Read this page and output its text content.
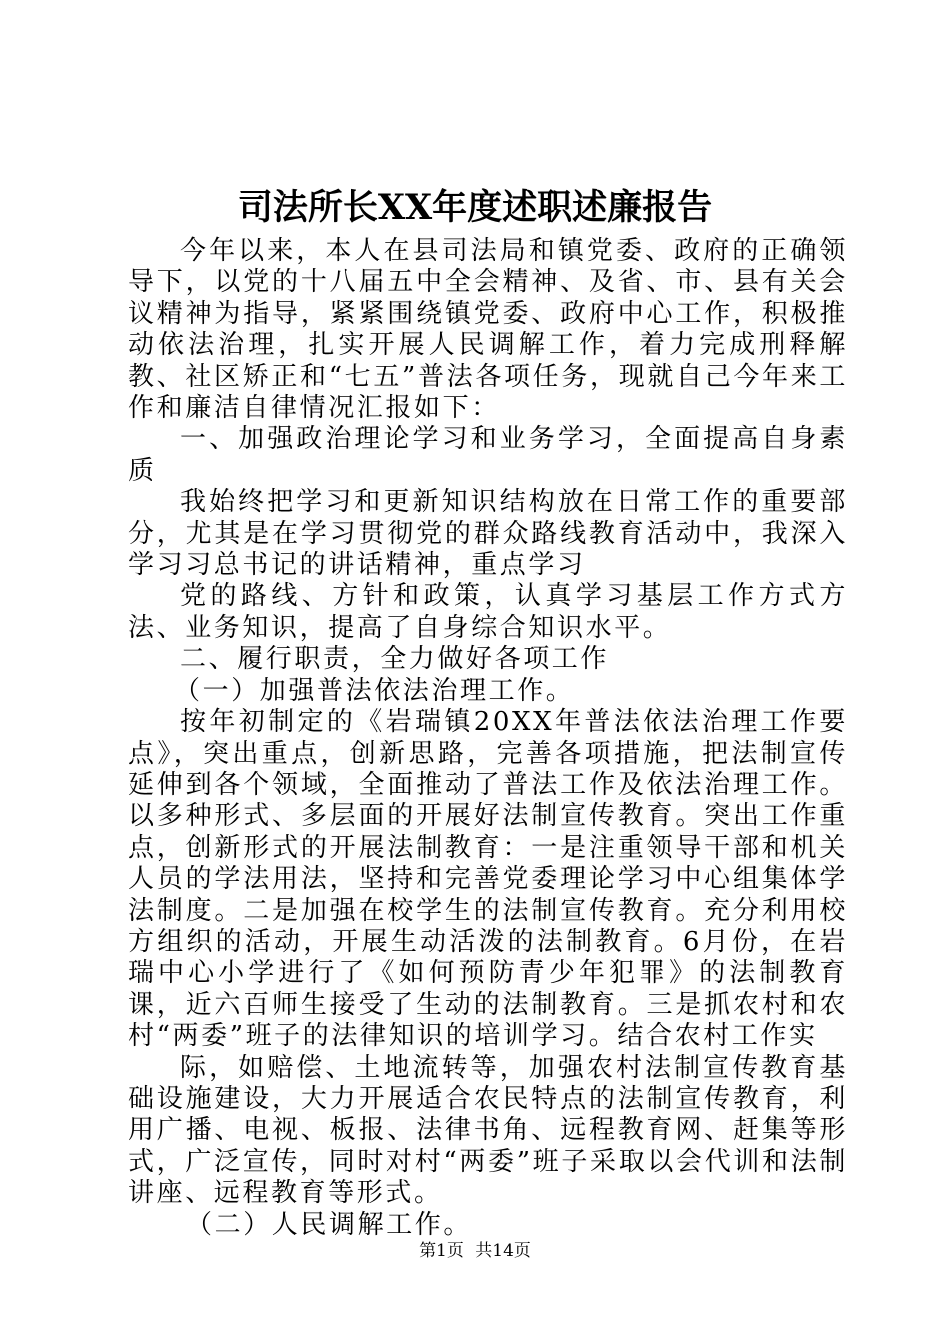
司法所长XX年度述职述廉报告

今年以来，本人在县司法局和镇党委、政府的正确领导下，以党的十八届五中全会精神、及省、市、县有关会议精神为指导，紧紧围绕镇党委、政府中心工作，积极推动依法治理，扎实开展人民调解工作，着力完成刑释解教、社区矫正和“七五”普法各项任务，现就自己今年来工作和廉洁自律情况汇报如下：

一、加强政治理论学习和业务学习，全面提高自身素质

我始终把学习和更新知识结构放在日常工作的重要部分，尤其是在学习贯彻党的群众路线教育活动中，我深入学习习总书记的讲话精神，重点学习

党的路线、方针和政策，认真学习基层工作方式方法、业务知识，提高了自身综合知识水平。

二、履行职责，全力做好各项工作

（一）加强普法依法治理工作。

按年初制定的《岩瑞镇20XX年普法依法治理工作要点》，突出重点，创新思路，完善各项措施，把法制宣传延伸到各个领域，全面推动了普法工作及依法治理工作。以多种形式、多层面的开展好法制宣传教育。突出工作重点，创新形式的开展法制教育：一是注重领导干部和机关人员的学法用法，坚持和完善党委理论学习中心组集体学法制度。二是加强在校学生的法制宣传教育。充分利用校方组织的活动，开展生动活泼的法制教育。6月份，在岩瑞中心小学进行了《如何预防青少年犯罪》的法制教育课，近六百师生接受了生动的法制教育。三是抓农村和农村“两委”班子的法律知识的培训学习。结合农村工作实

际，如赔偿、土地流转等，加强农村法制宣传教育基础设施建设，大力开展适合农民特点的法制宣传教育，利用广播、电视、板报、法律书角、远程教育网、赶集等形式，广泛宣传，同时对村“两委”班子采取以会代训和法制讲座、远程教育等形式。

（二）人民调解工作。

第1页 共14页
